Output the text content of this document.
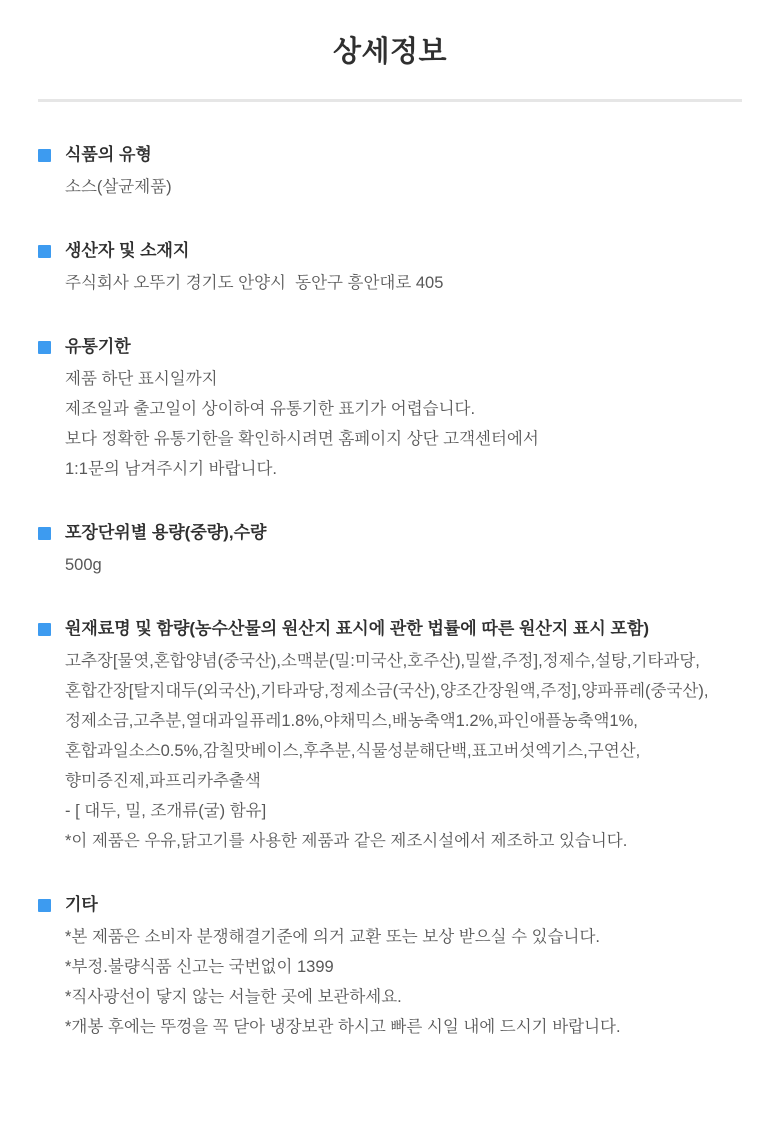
상세정보
식품의 유형
소스(살균제품)
생산자 및 소재지
주식회사 오뚜기 경기도 안양시  동안구 흥안대로 405
유통기한
제품 하단 표시일까지
제조일과 출고일이 상이하여 유통기한 표기가 어렵습니다.
보다 정확한 유통기한을 확인하시려면 홈페이지 상단 고객센터에서
1:1문의 남겨주시기 바랍니다.
포장단위별 용량(중량),수량
500g
원재료명 및 함량(농수산물의 원산지 표시에 관한 법률에 따른 원산지 표시 포함)
고추장[물엿,혼합양념(중국산),소맥분(밀:미국산,호주산),밀쌀,주정],정제수,설탕,기타과당,
혼합간장[탈지대두(외국산),기타과당,정제소금(국산),양조간장원액,주정],양파퓨레(중국산),
정제소금,고추분,열대과일퓨레1.8%,야채믹스,배농축액1.2%,파인애플농축액1%,
혼합과일소스0.5%,감칠맛베이스,후추분,식물성분해단백,표고버섯엑기스,구연산,
향미증진제,파프리카추출색
- [ 대두, 밀, 조개류(굴) 함유]
*이 제품은 우유,닭고기를 사용한 제품과 같은 제조시설에서 제조하고 있습니다.
기타
*본 제품은 소비자 분쟁해결기준에 의거 교환 또는 보상 받으실 수 있습니다.
*부정.불량식품 신고는 국번없이 1399
*직사광선이 닿지 않는 서늘한 곳에 보관하세요.
*개봉 후에는 뚜껑을 꼭 닫아 냉장보관 하시고 빠른 시일 내에 드시기 바랍니다.
